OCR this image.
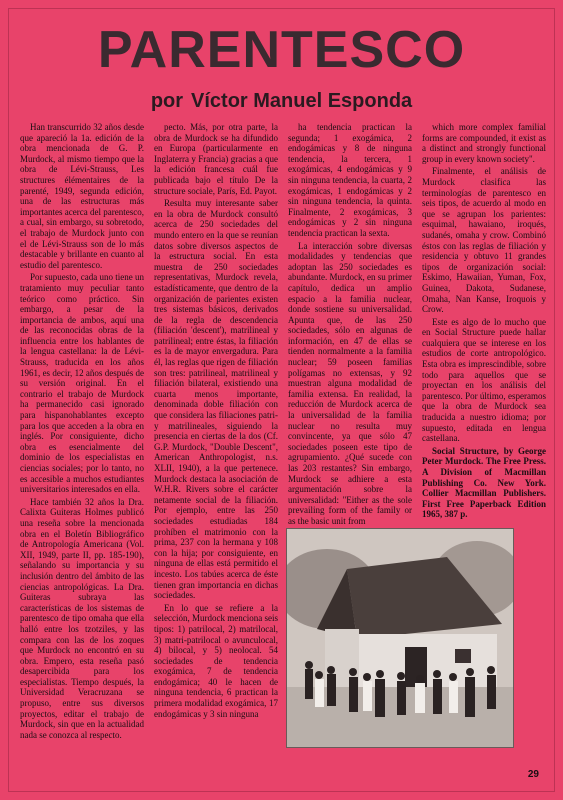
PARENTESCO
por Víctor Manuel Esponda

Han transcurrido 32 años desde que apareció la 1a. edición de la obra mencionada de G. P. Murdock, al mismo tiempo que la obra de Lévi-Strauss, Les structures élémentaires de la parenté, 1949, segunda edición, una de las estructuras más importantes acerca del parentesco, a cual, sin embargo, su sobretodo, el trabajo de Murdock junto con el de Lévi-Strauss son de lo más destacable y brillante en cuanto al estudio del parentesco.

Por supuesto, cada uno tiene un tratamiento muy peculiar tanto teórico como práctico. Sin embargo, a pesar de la importancia de ambos, aquí una de las reconocidas obras de la influencia entre los hablantes de la lengua castellana: la de Lévi-Strauss, traducida en los años 1961, es decir, 12 años después de su versión original. En el contrario el trabajo de Murdock ha permanecido casi ignorado para hispanohablantes excepto para los que acceden a la obra en inglés. Por consiguiente, dicho obra es esencialmente del dominio de los especialistas en ciencias sociales; por lo tanto, no es accesible a muchos estudiantes universitarios interesados en ella.

Hace también 32 años la Dra. Calixta Guiteras Holmes publicó una reseña sobre la mencionada obra en el Boletín Bibliográfico de Antropología Americana (Vol. XII, 1949, parte II, pp. 185-190), señalando su importancia y su inclusión dentro del ámbito de las ciencias antropológicas. La Dra. Guiteras subraya las características de los sistemas de parentesco de tipo omaha que ella halló entre los tzotziles, y las compara con las de los zoques que Murdock no encontró en su obra. Empero, esta reseña pasó desapercibida para los especialistas. Tiempo después, la Universidad Veracruzana se propuso, entre sus diversos proyectos, editar el trabajo de Murdock, sin que en la actualidad nada se conozca al respecto.

pecto. Más, por otra parte, la obra de Murdock se ha difundido en Europa (particularmente en Inglaterra y Francia) gracias a que la edición francesa cuál fue publicada bajo el título De la structure sociale, París, Ed. Payot.

Resulta muy interesante saber en la obra de Murdock consultó acerca de 250 sociedades del mundo entero en la que se reunían datos sobre diversos aspectos de la estructura social. En esta muestra de 250 sociedades representativas, Murdock revela, estadísticamente, que dentro de la organización de parientes existen tres sistemas básicos, derivados de la regla de descendencia (filiación 'descent'), matrilineal y patrilineal; entre éstas, la filiación es la de mayor envergadura. Para él, las reglas que rigen de filiación son tres: patrilineal, matrilineal y filiación bilateral, existiendo una cuarta menos importante, denominada doble filiación con que considera las filiaciones patri- y matrilineales, siguiendo la presencia en ciertas de la dos (Cf. G.P. Murdock, "Double Descent", American Anthropologist, n.s. XLII, 1940), a la que pertenece. Murdock destaca la asociación de W.H.R. Rivers sobre el carácter netamente social de la filiación. Por ejemplo, entre las 250 sociedades estudiadas 184 prohíben el matrimonio con la prima, 237 con la hermana y 108 con la hija; por consiguiente, en ninguna de ellas está permitido el incesto. Los tabúes acerca de éste tienen gran importancia en dichas sociedades.

En lo que se refiere a la selección, Murdock menciona seis tipos: 1) patrilocal, 2) matrilocal, 3) matri-patrilocal o avunculocal, 4) bilocal, y 5) neolocal. 54 sociedades de tendencia exogámica, 7 de tendencia endogámica; 40 le hacen de ninguna tendencia, 6 practican la primera modalidad exogámica, 17 endogámicas y 3 sin ninguna

ha tendencia practican la segunda; 1 exogámica, 2 endogámicas y 8 de ninguna tendencia, la tercera, 1 exogámicas, 4 endogámicas y 9 sin ninguna tendencia, la cuarta, 2 exogámicas, 1 endogámicas y 2 sin ninguna tendencia, la quinta. Finalmente, 2 exogámicas, 3 endogámicas y 2 sin ninguna tendencia practican la sexta.

La interacción sobre diversas modalidades y tendencias que adoptan las 250 sociedades es abundante. Murdock, en su primer capítulo, dedica un amplio espacio a la familia nuclear, donde sostiene su universalidad. Apunta que, de las 250 sociedades, sólo en algunas de información, en 47 de ellas se tienden normalmente a la familia nuclear; 59 poseen familias polígamas no extensas, y 92 muestran alguna modalidad de familia extensa. En realidad, la reducción de Murdock acerca de la universalidad de la familia nuclear no resulta muy convincente, ya que sólo 47 sociedades poseen este tipo de agrupamiento. ¿Qué sucede con las 203 restantes? Sin embargo, Murdock se adhiere a esta argumentación sobre la universalidad: "Either as the sole prevailing form of the family or as the basic unit from

which more complex familial forms are compounded, it exist as a distinct and strongly functional group in every known society".

Finalmente, el análisis de Murdock clasifica las terminologías de parentesco en seis tipos, de acuerdo al modo en que se agrupan los parientes: esquimal, hawaiano, iroqués, sudanés, omaha y crow. Combinó éstos con las reglas de filiación y residencia y obtuvo 11 grandes tipos de organización social: Eskimo, Hawaiian, Yuman, Fox, Guinea, Dakota, Sudanese, Omaha, Nan Kanse, Iroquois y Crow.

Este es algo de lo mucho que en Social Structure puede hallar cualquiera que se interese en los estudios de corte antropológico. Esta obra es imprescindible, sobre todo para aquellos que se proyectan en los análisis del parentesco. Por último, esperamos que la obra de Murdock sea traducida a nuestro idioma; por supuesto, editada en lengua castellana.

Social Structure, by George Peter Murdock. The Free Press. A Division of Macmillan Publishing Co. New York. Collier Macmillan Publishers. First Free Paperback Edition 1965, 387 p.

29
